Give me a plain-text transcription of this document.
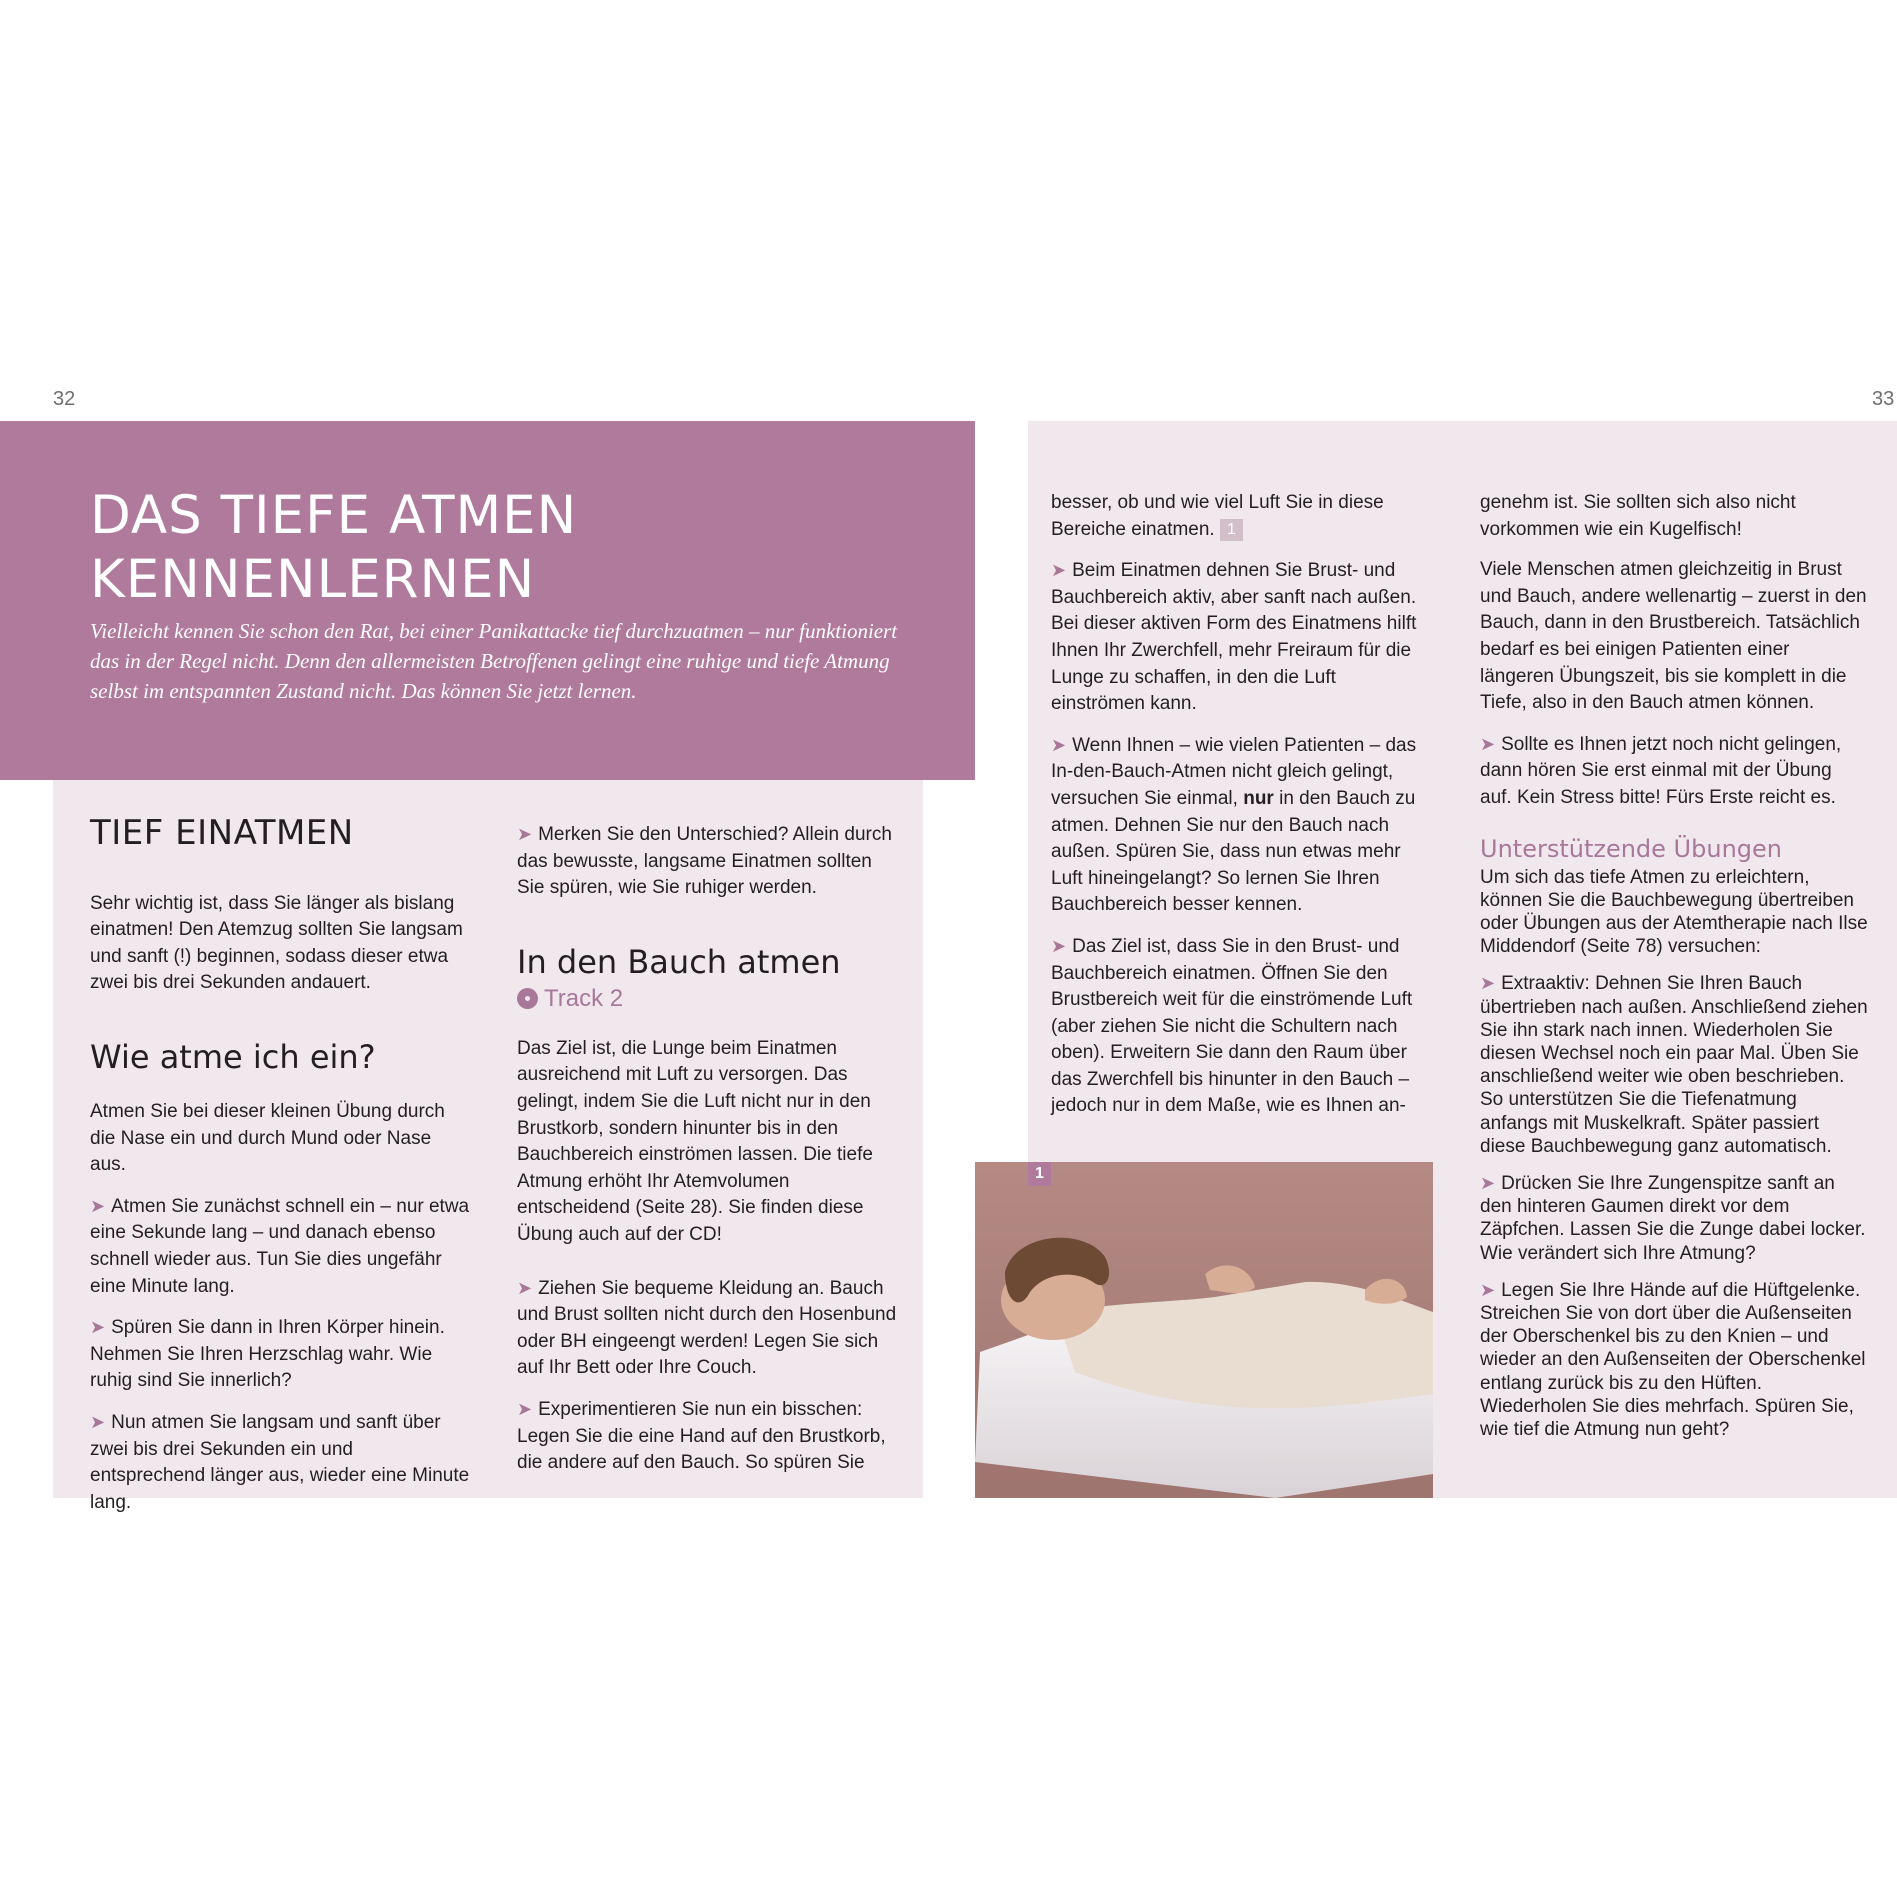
32	33
DAS TIEFE ATMEN
KENNENLERNEN

Vielleicht kennen Sie schon den Rat, bei einer Panikattacke tief durchzuatmen – nur funktioniert das in der Regel nicht. Denn den allermeisten Betroffenen gelingt eine ruhige und tiefe Atmung selbst im entspannten Zustand nicht. Das können Sie jetzt lernen.

TIEF EINATMEN

Sehr wichtig ist, dass Sie länger als bislang einatmen! Den Atemzug sollten Sie langsam und sanft (!) beginnen, sodass dieser etwa zwei bis drei Sekunden andauert.

Wie atme ich ein?

Atmen Sie bei dieser kleinen Übung durch die Nase ein und durch Mund oder Nase aus.

➤ Atmen Sie zunächst schnell ein – nur etwa eine Sekunde lang – und danach ebenso schnell wieder aus. Tun Sie dies ungefähr eine Minute lang.

➤ Spüren Sie dann in Ihren Körper hinein. Nehmen Sie Ihren Herzschlag wahr. Wie ruhig sind Sie innerlich?

➤ Nun atmen Sie langsam und sanft über zwei bis drei Sekunden ein und entsprechend länger aus, wieder eine Minute lang.

➤ Merken Sie den Unterschied? Allein durch das bewusste, langsame Einatmen sollten Sie spüren, wie Sie ruhiger werden.

In den Bauch atmen
Track 2

Das Ziel ist, die Lunge beim Einatmen ausreichend mit Luft zu versorgen. Das gelingt, indem Sie die Luft nicht nur in den Brustkorb, sondern hinunter bis in den Bauchbereich einströmen lassen. Die tiefe Atmung erhöht Ihr Atemvolumen entscheidend (Seite 28). Sie finden diese Übung auch auf der CD!

➤ Ziehen Sie bequeme Kleidung an. Bauch und Brust sollten nicht durch den Hosenbund oder BH eingeengt werden! Legen Sie sich auf Ihr Bett oder Ihre Couch.

➤ Experimentieren Sie nun ein bisschen: Legen Sie die eine Hand auf den Brustkorb, die andere auf den Bauch. So spüren Sie

besser, ob und wie viel Luft Sie in diese Bereiche einatmen. 1

➤ Beim Einatmen dehnen Sie Brust- und Bauchbereich aktiv, aber sanft nach außen. Bei dieser aktiven Form des Einatmens hilft Ihnen Ihr Zwerchfell, mehr Freiraum für die Lunge zu schaffen, in den die Luft einströmen kann.

➤ Wenn Ihnen – wie vielen Patienten – das In-den-Bauch-Atmen nicht gleich gelingt, versuchen Sie einmal, nur in den Bauch zu atmen. Dehnen Sie nur den Bauch nach außen. Spüren Sie, dass nun etwas mehr Luft hineingelangt? So lernen Sie Ihren Bauchbereich besser kennen.

➤ Das Ziel ist, dass Sie in den Brust- und Bauchbereich einatmen. Öffnen Sie den Brustbereich weit für die einströmende Luft (aber ziehen Sie nicht die Schultern nach oben). Erweitern Sie dann den Raum über das Zwerchfell bis hinunter in den Bauch – jedoch nur in dem Maße, wie es Ihnen an-

genehm ist. Sie sollten sich also nicht vorkommen wie ein Kugelfisch!

Viele Menschen atmen gleichzeitig in Brust und Bauch, andere wellenartig – zuerst in den Bauch, dann in den Brustbereich. Tatsächlich bedarf es bei einigen Patienten einer längeren Übungszeit, bis sie komplett in die Tiefe, also in den Bauch atmen können.

➤ Sollte es Ihnen jetzt noch nicht gelingen, dann hören Sie erst einmal mit der Übung auf. Kein Stress bitte! Fürs Erste reicht es.

Unterstützende Übungen

Um sich das tiefe Atmen zu erleichtern, können Sie die Bauchbewegung übertreiben oder Übungen aus der Atemtherapie nach Ilse Middendorf (Seite 78) versuchen:

➤ Extraaktiv: Dehnen Sie Ihren Bauch übertrieben nach außen. Anschließend ziehen Sie ihn stark nach innen. Wiederholen Sie diesen Wechsel noch ein paar Mal. Üben Sie anschließend weiter wie oben beschrieben. So unterstützen Sie die Tiefenatmung anfangs mit Muskelkraft. Später passiert diese Bauchbewegung ganz automatisch.

➤ Drücken Sie Ihre Zungenspitze sanft an den hinteren Gaumen direkt vor dem Zäpfchen. Lassen Sie die Zunge dabei locker. Wie verändert sich Ihre Atmung?

➤ Legen Sie Ihre Hände auf die Hüftgelenke. Streichen Sie von dort über die Außenseiten der Oberschenkel bis zu den Knien – und wieder an den Außenseiten der Oberschenkel entlang zurück bis zu den Hüften. Wiederholen Sie dies mehrfach. Spüren Sie, wie tief die Atmung nun geht?

1
